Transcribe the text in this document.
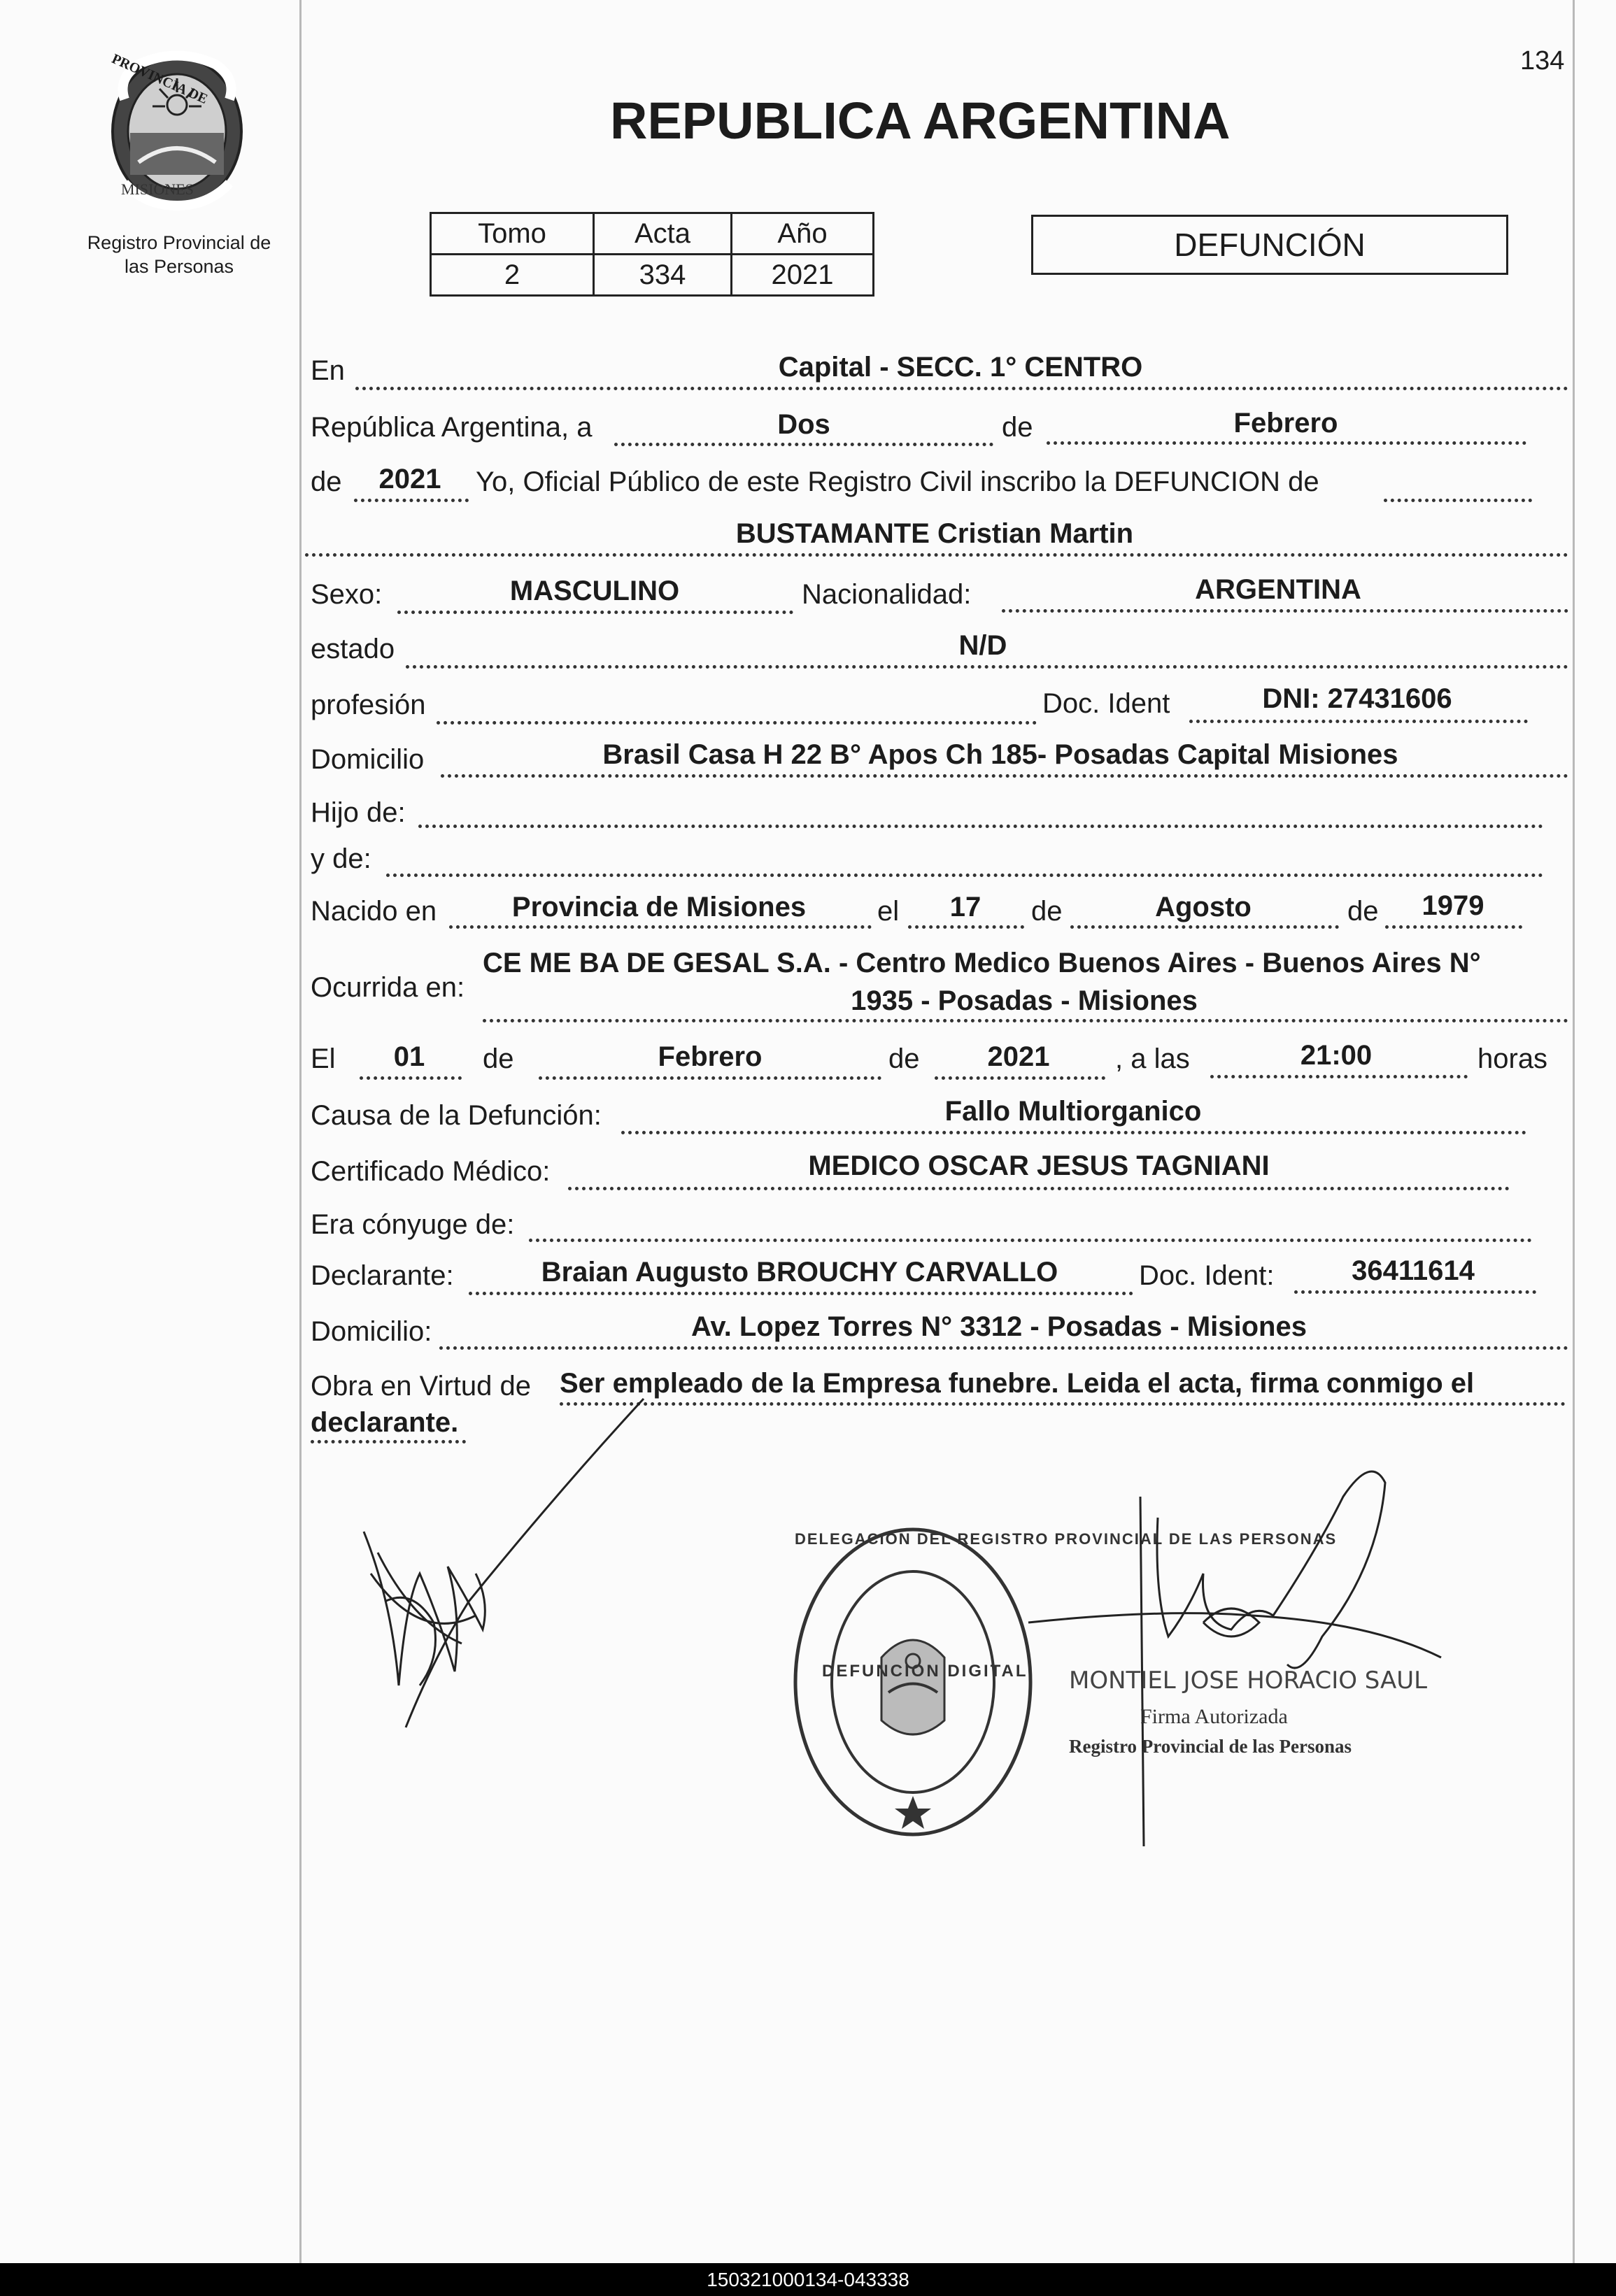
134
PROVINCIA DE
MISIONES
Registro Provincial de
las Personas
REPUBLICA ARGENTINA
Tomo	Acta	Año
2	334	2021
DEFUNCIÓN
En	Capital - SECC. 1° CENTRO
República Argentina, a	Dos	de	Febrero
de	2021	Yo, Oficial Público de este Registro Civil inscribo la DEFUNCION de
BUSTAMANTE Cristian Martin
Sexo:	MASCULINO	Nacionalidad:	ARGENTINA
estado	N/D
profesión	Doc. Ident	DNI: 27431606
Domicilio	Brasil Casa H 22 B° Apos Ch 185- Posadas Capital Misiones
Hijo de:
y de:
Nacido en	Provincia de Misiones	el	17	de	Agosto	de	1979
Ocurrida en:
CE ME BA DE GESAL S.A. - Centro Medico Buenos Aires - Buenos Aires N°
1935 - Posadas - Misiones
El	01	de	Febrero	de	2021	, a las	21:00	horas
Causa de la Defunción:	Fallo Multiorganico
Certificado Médico:	MEDICO OSCAR JESUS TAGNIANI
Era cónyuge de:
Declarante:	Braian Augusto BROUCHY CARVALLO	Doc. Ident:	36411614
Domicilio:	Av. Lopez Torres N° 3312 - Posadas - Misiones
Obra en Virtud de Ser empleado de la Empresa funebre. Leida el acta, firma conmigo el
declarante.
DELEGACION DEL REGISTRO PROVINCIAL DE LAS PERSONAS
DEFUNCION DIGITAL MONTIEL JOSE HORACIO SAUL
Firma Autorizada
Registro Provincial de las Personas
150321000134-043338
